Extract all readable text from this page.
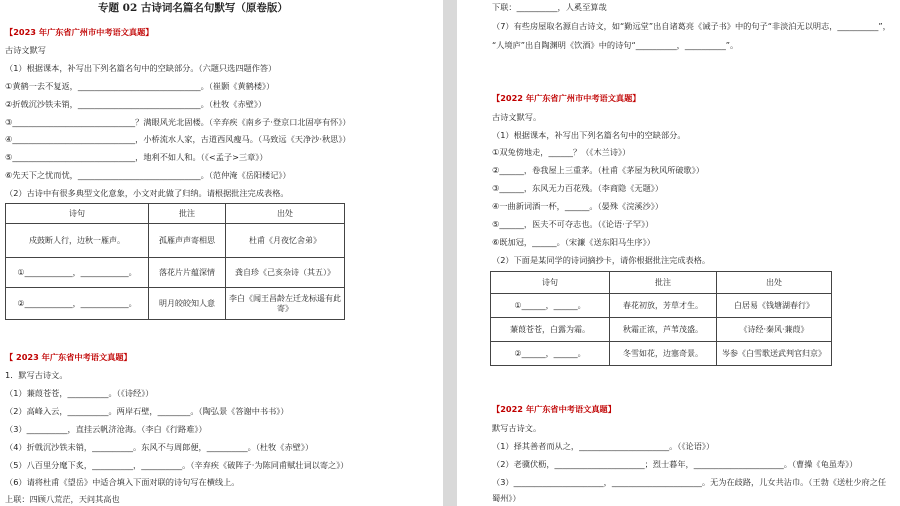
专题 02 古诗词名篇名句默写（原卷版）
【2023 年广东省广州市中考语文真题】
古诗文默写
（1）根据课本，补写出下列名篇名句中的空缺部分。（六题只选四题作答）
①黄鹤一去不复返，______________________________。（崔颢《黄鹤楼》）
②折戟沉沙铁未销，______________________________。（杜牧《赤壁》）
③______________________________？满眼风光北固楼。（辛弃疾《南乡子·登京口北固亭有怀》）
④______________________________，小桥流水人家，古道西风瘦马。（马致远《天净沙·秋思》）
⑤______________________________，地利不如人和。（《<孟子>三章》）
⑥先天下之忧而忧，______________________________。（范仲淹《岳阳楼记》）
（2）古诗中有很多典型文化意象，小文对此做了归纳。请根据批注完成表格。
诗句	批注	出处
戍鼓断人行，边秋一雁声。	孤雁声声寄相思	杜甫《月夜忆舍弟》
①____________，____________。	落花片片蕴深情	龚自珍《己亥杂诗（其五）》
②____________，____________。	明月皎皎知人意	李白《闻王昌龄左迁龙标遥有此寄》
【 2023 年广东省中考语文真题】
1．默写古诗文。
（1）蒹葭苍苍，__________。（《诗经》）
（2）高峰入云，__________。两岸石壁，________。（陶弘景《答谢中书书》）
（3）__________，直挂云帆济沧海。（李白《行路难》）
（4）折戟沉沙铁未销，__________。东风不与周郎便，__________。（杜牧《赤壁》）
（5）八百里分麾下炙，__________，__________。（辛弃疾《破阵子·为陈同甫赋壮词以寄之》）
（6）请将杜甫《望岳》中适合填入下面对联的诗句写在横线上。
上联：四顾八荒茫，天问其高也
下联：__________，人奚至算哉
（7）有些房屋取名源自古诗文，如“勤远堂”出自诸葛亮《诫子书》中的句子“非淡泊无以明志，__________”，
“人境庐”出自陶渊明《饮酒》中的诗句“__________，__________”。
【2022 年广东省广州市中考语文真题】
古诗文默写。
（1）根据课本，补写出下列名篇名句中的空缺部分。
①双兔傍地走，______？（《木兰诗》）
②______，卷我屋上三重茅。（杜甫《茅屋为秋风所破歌》）
③______，东风无力百花残。（李商隐《无题》）
④一曲新词酒一杯，______。（晏殊《浣溪沙》）
⑤______，医夫不可夺志也。（《论语·子罕》）
⑥既加冠，______。（宋濂《送东阳马生序》）
（2）下面是某同学的诗词摘抄卡，请你根据批注完成表格。
诗句	批注	出处
①______，______。	春花初放，芳草才生。	白居易《钱塘湖春行》
蒹葭苍苍，白露为霜。	秋霜正浓，芦苇茂盛。	《诗经·秦风·蒹葭》
②______，______。	冬雪如花，边塞奇景。	岑参《白雪歌送武判官归京》
【2022 年广东省中考语文真题】
默写古诗文。
（1）择其善者而从之，______________________。（《论语》）
（2）老骥伏枥，______________________；烈士暮年，______________________。（曹操《龟虽寿》）
（3）______________________，______________________。无为在歧路，儿女共沾巾。（王勃《送杜少府之任
蜀州》）
